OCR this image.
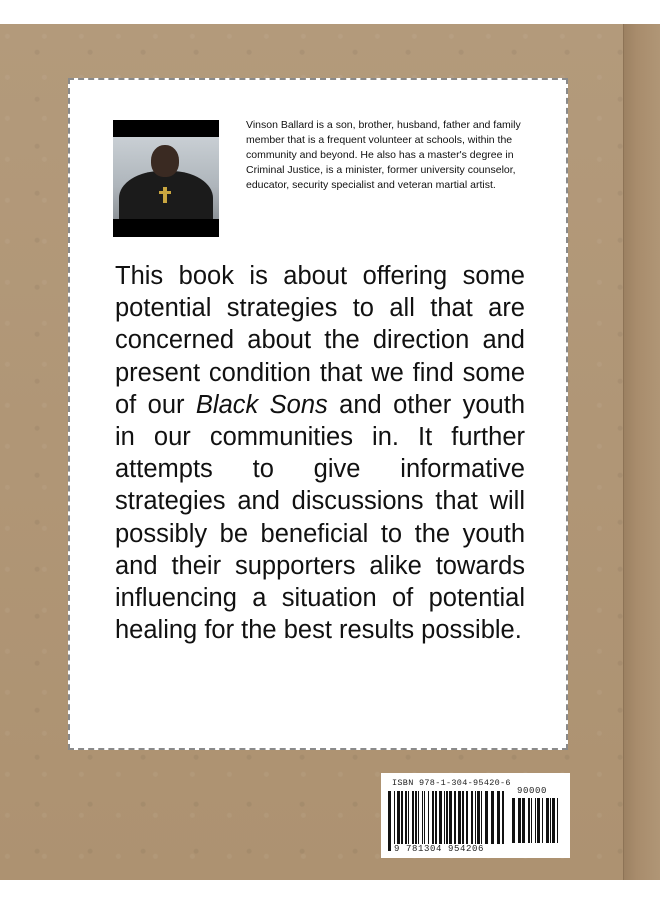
Vinson Ballard is a son, brother, husband, father and family member that is a frequent volunteer at schools, within the community and beyond. He also has a master's degree in Criminal Justice, is a minister, former university counselor, educator, security specialist and veteran martial artist.

This book is about offering some potential strategies to all that are concerned about the direction and present condition that we find some of our Black Sons and other youth in our communities in. It further attempts to give informative strategies and discussions that will possibly be beneficial to the youth and their supporters alike towards influencing a situation of potential healing for the best results possible.

ISBN 978-1-304-95420-6
90000
9 781304 954206
